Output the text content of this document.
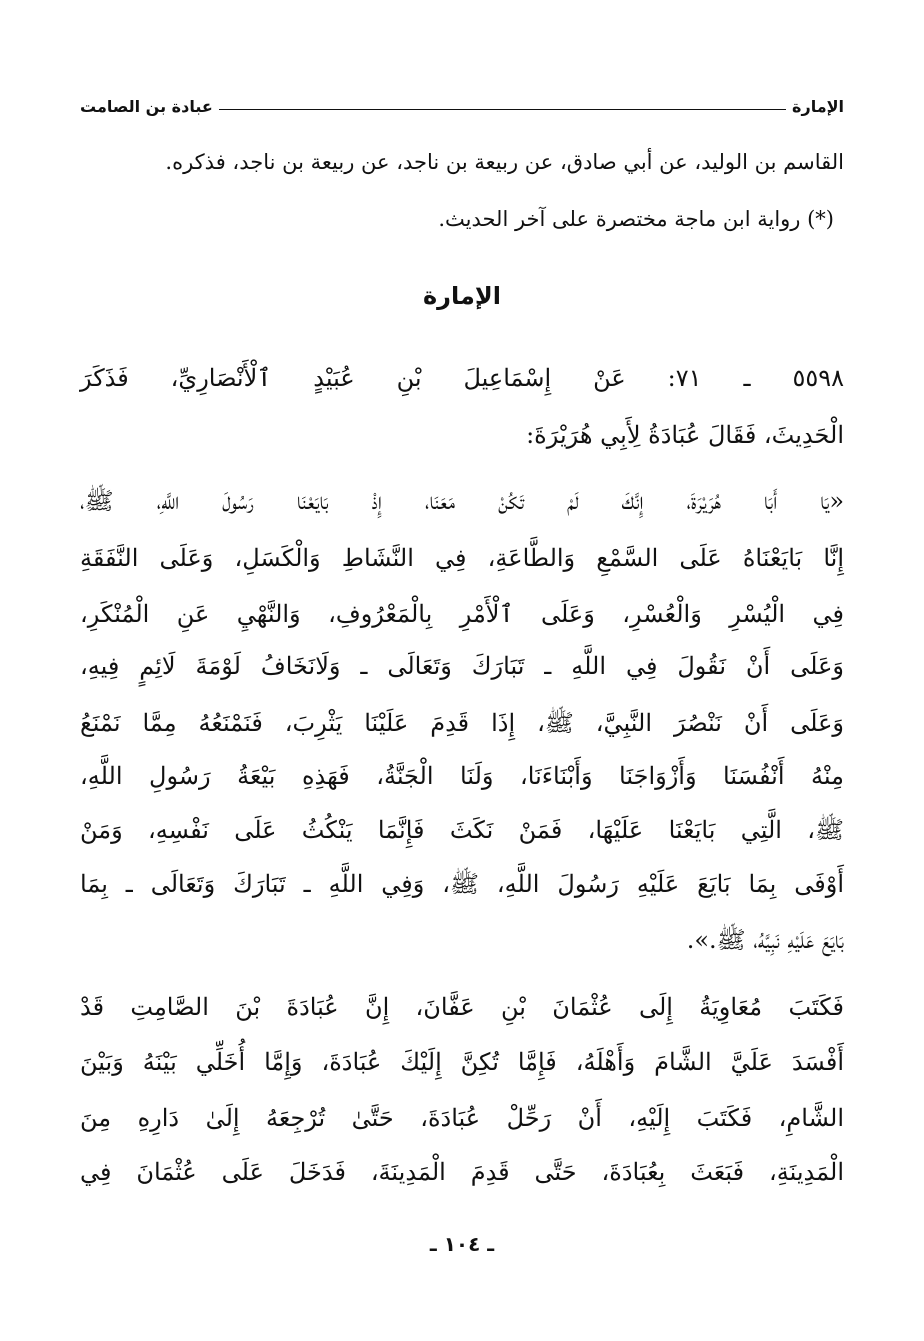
الإمارة
عبادة بن الصامت
القاسم بن الوليد، عن أبي صادق، عن ربيعة بن ناجد، عن ربيعة بن ناجد، فذكره.
(*) رواية ابن ماجة مختصرة على آخر الحديث.
الإمارة
٥٥٩٨ ـ ٧١: عَنْ إِسْمَاعِيلَ بْنِ عُبَيْدٍ ٱلْأَنْصَارِيِّ، فَذَكَرَ
الْحَدِيثَ، فَقَالَ عُبَادَةُ لِأَبِي هُرَيْرَةَ:
«يَا أَبَا هُرَيْرَةَ، إِنَّكَ لَمْ تَكُنْ مَعَنَا، إِذْ بَايَعْنَا رَسُولَ اللَّهِ، ﷺ،
إِنَّا بَايَعْنَاهُ عَلَى السَّمْعِ وَالطَّاعَةِ، فِي النَّشَاطِ وَالْكَسَلِ، وَعَلَى النَّفَقَةِ
فِي الْيُسْرِ وَالْعُسْرِ، وَعَلَى ٱلْأَمْرِ بِالْمَعْرُوفِ، وَالنَّهْيِ عَنِ الْمُنْكَرِ،
وَعَلَى أَنْ نَقُولَ فِي اللَّهِ ـ تَبَارَكَ وَتَعَالَى ـ وَلَانَخَافُ لَوْمَةَ لَائِمٍ فِيهِ،
وَعَلَى أَنْ نَنْصُرَ النَّبِيَّ، ﷺ، إِذَا قَدِمَ عَلَيْنَا يَثْرِبَ، فَنَمْنَعُهُ مِمَّا نَمْنَعُ
مِنْهُ أَنْفُسَنَا وَأَزْوَاجَنَا وَأَبْنَاءَنَا، وَلَنَا الْجَنَّةُ، فَهَذِهِ بَيْعَةُ رَسُولِ اللَّهِ،
ﷺ، الَّتِي بَايَعْنَا عَلَيْهَا، فَمَنْ نَكَثَ فَإِنَّمَا يَنْكُثُ عَلَى نَفْسِهِ، وَمَنْ
أَوْفَى بِمَا بَايَعَ عَلَيْهِ رَسُولَ اللَّهِ، ﷺ، وَفِي اللَّهِ ـ تَبَارَكَ وَتَعَالَى ـ بِمَا
بَايَعَ عَلَيْهِ نَبِيَّهُ، ﷺ.».
فَكَتَبَ مُعَاوِيَةُ إِلَى عُثْمَانَ بْنِ عَفَّانَ، إِنَّ عُبَادَةَ بْنَ الصَّامِتِ قَدْ
أَفْسَدَ عَلَيَّ الشَّامَ وَأَهْلَهُ، فَإِمَّا تُكِنَّ إِلَيْكَ عُبَادَةَ، وَإِمَّا أُخَلِّي بَيْنَهُ وَبَيْنَ
الشَّامِ، فَكَتَبَ إِلَيْهِ، أَنْ رَحِّلْ عُبَادَةَ، حَتَّىٰ تُرْجِعَهُ إِلَىٰ دَارِهِ مِنَ
الْمَدِينَةِ، فَبَعَثَ بِعُبَادَةَ، حَتَّى قَدِمَ الْمَدِينَةَ، فَدَخَلَ عَلَى عُثْمَانَ فِي
ـ ١٠٤ ـ
